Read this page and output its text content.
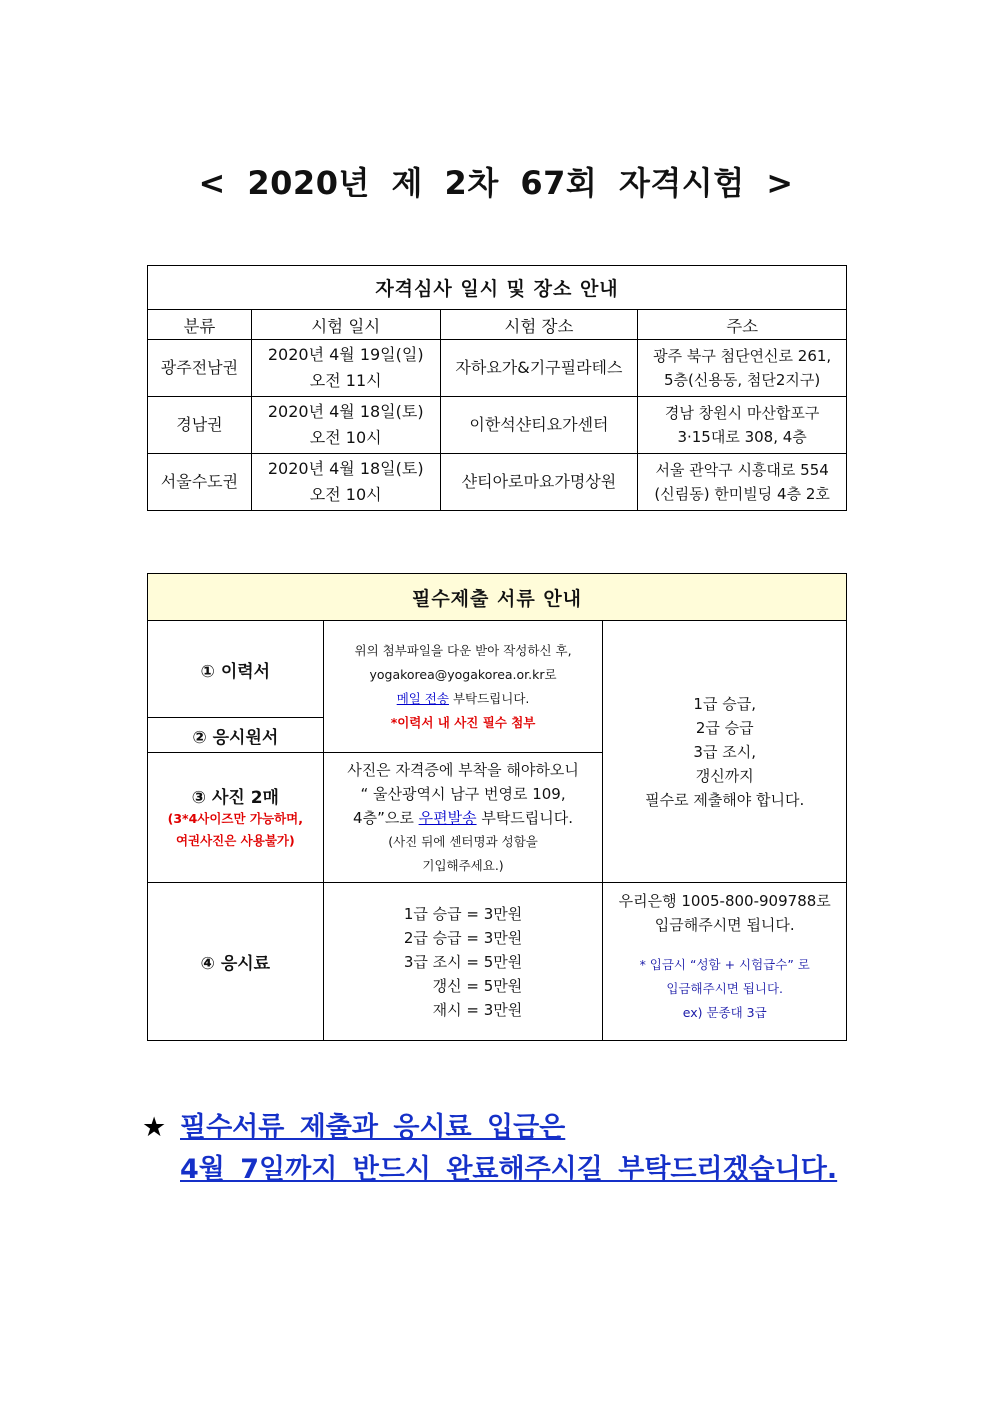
< 2020년 제 2차 67회 자격시험 >
자격심사 일시 및 장소 안내			
분류	시험 일시	시험 장소	주소
광주전남권	2020년 4월 19일(일)
오전 11시	자하요가&기구필라테스	광주 북구 첨단연신로 261,
5층(신용동, 첨단2지구)
경남권	2020년 4월 18일(토)
오전 10시	이한석샨티요가센터	경남 창원시 마산합포구
3·15대로 308, 4층
서울수도권	2020년 4월 18일(토)
오전 10시	샨티아로마요가명상원	서울 관악구 시흥대로 554
(신림동) 한미빌딩 4층 2호
필수제출 서류 안내		
① 이력서	위의 첨부파일을 다운 받아 작성하신 후,
yogakorea@yogakorea.or.kr로
메일 전송 부탁드립니다.
*이력서 내 사진 필수 첨부	1급 승급,
2급 승급
3급 조시,
갱신까지
필수로 제출해야 합니다.
② 응시원서		
③ 사진 2매

(3*4사이즈만 가능하며,
여권사진은 사용불가)	사진은 자격증에 부착을 해야하오니
“ 울산광역시 남구 번영로 109,
4층”으로 우편발송 부탁드립니다.
(사진 뒤에 센터명과 성함을
기입해주세요.)	
④ 응시료	1급 승급 = 3만원
2급 승급 = 3만원
3급 조시 = 5만원
갱신 = 5만원
재시 = 3만원	우리은행 1005-800-909788로
입금해주시면 됩니다.

* 입금시 “성함 + 시험급수” 로
입금해주시면 됩니다.
ex) 문종대 3급
★ 필수서류 제출과 응시료 입금은
4월 7일까지 반드시 완료해주시길 부탁드리겠습니다.
